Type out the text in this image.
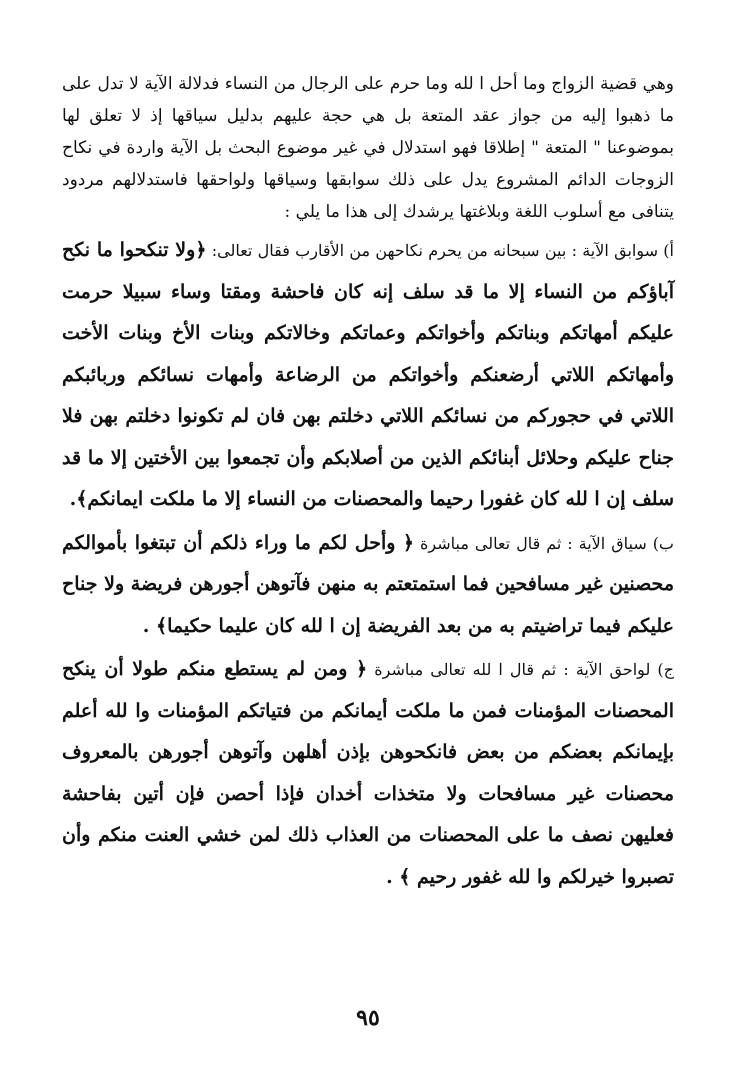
وهي قضية الزواج وما أحل ا لله وما حرم على الرجال من النساء فدلالة الآية لا تدل على ما ذهبوا إليه من جواز عقد المتعة بل هي حجة عليهم بدليل سياقها إذ لا تعلق لها بموضوعنا " المتعة " إطلاقا فهو استدلال في غير موضوع البحث بل الآية واردة في نكاح الزوجات الدائم المشروع يدل على ذلك سوابقها وسياقها ولواحقها فاستدلالهم مردود يتنافى مع أسلوب اللغة وبلاغتها يرشدك إلى هذا ما يلي :

أ) سوابق الآية : بين سبحانه من يحرم نكاحهن من الأقارب فقال تعالى: ﴿ولا تنكحوا ما نكح آباؤكم من النساء إلا ما قد سلف إنه كان فاحشة ومقتا وساء سبيلا حرمت عليكم أمهاتكم وبناتكم وأخواتكم وعماتكم وخالاتكم وبنات الأخ وبنات الأخت وأمهاتكم اللاتي أرضعنكم وأخواتكم من الرضاعة وأمهات نسائكم وربائبكم اللاتي في حجوركم من نسائكم اللاتي دخلتم بهن فان لم تكونوا دخلتم بهن فلا جناح عليكم وحلائل أبنائكم الذين من أصلابكم وأن تجمعوا بين الأختين إلا ما قد سلف إن ا لله كان غفورا رحيما والمحصنات من النساء إلا ما ملكت ايمانكم﴾.

ب) سياق الآية : ثم قال تعالى مباشرة ﴿ وأحل لكم ما وراء ذلكم أن تبتغوا بأموالكم محصنين غير مسافحين فما استمتعتم به منهن فآتوهن أجورهن فريضة ولا جناح عليكم فيما تراضيتم به من بعد الفريضة إن ا لله كان عليما حكيما﴾ .

ج) لواحق الآية : ثم قال ا لله تعالى مباشرة ﴿ ومن لم يستطع منكم طولا أن ينكح المحصنات المؤمنات فمن ما ملكت أيمانكم من فتياتكم المؤمنات وا لله أعلم بإيمانكم بعضكم من بعض فانكحوهن بإذن أهلهن وآتوهن أجورهن بالمعروف محصنات غير مسافحات ولا متخذات أخدان فإذا أحصن فإن أتين بفاحشة فعليهن نصف ما على المحصنات من العذاب ذلك لمن خشي العنت منكم وأن تصبروا خيرلكم وا لله غفور رحيم ﴾ .

٩٥
